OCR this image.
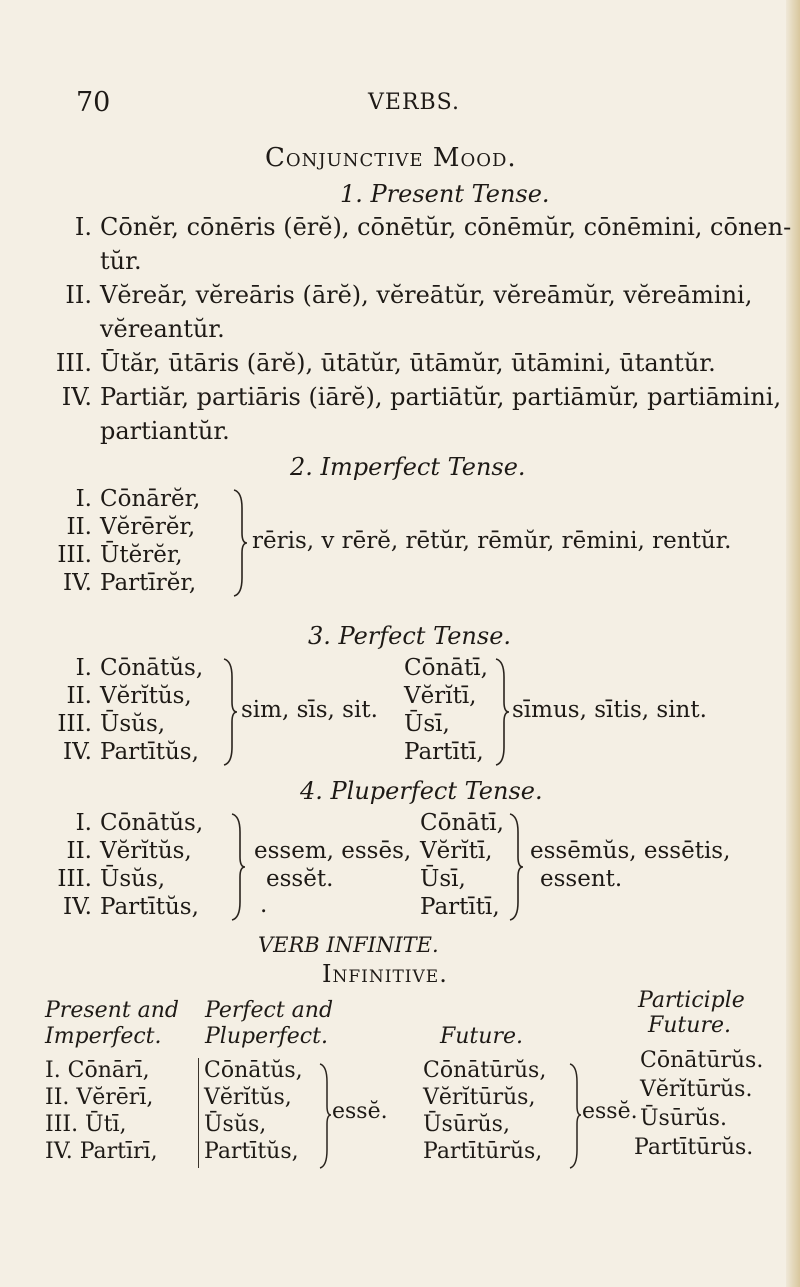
70	VERBS.
Conjunctive Mood.
1. Present Tense.
I. Cōnĕr, cōnēris (ērĕ), cōnētŭr, cōnēmŭr, cōnēmini, cōnen-
tŭr.
II. Vĕreăr, vĕreāris (ārĕ), vĕreātŭr, vĕreāmŭr, vĕreāmini,
vĕreantŭr.
III. Ūtăr, ūtāris (ārĕ), ūtātŭr, ūtāmŭr, ūtāmini, ūtantŭr.
IV. Partiăr, partiāris (iārĕ), partiātŭr, partiāmŭr, partiāmini,
partiantŭr.
2. Imperfect Tense.
I. Cōnārĕr,
II. Vĕrērĕr,
III. Ūtĕrĕr,
IV. Partīrĕr,
rēris, v rērĕ, rētŭr, rēmŭr, rēmini, rentŭr.
3. Perfect Tense.
I. Cōnātŭs,
II. Vĕrĭtŭs,
III. Ūsŭs,
IV. Partītŭs,
sim, sīs, sit.
Cōnātī,
Vĕrĭtī,
Ūsī,
Partītī,
sīmus, sītis, sint.
4. Pluperfect Tense.
I. Cōnātŭs,
II. Vĕrĭtŭs,
III. Ūsŭs,
IV. Partītŭs,
essem, essēs,
essĕt.
.
Cōnātī,
Vĕrĭtī,
Ūsī,
Partītī,
essēmŭs, essētis,
essent.
VERB INFINITE.
Infinitive.
Present and
Imperfect.
Perfect and
Pluperfect.	Future.
Participle
Future.
I. Cōnārī,
II. Vĕrērī,
III. Ūtī,
IV. Partīrī,
Cōnātŭs,
Vĕrĭtŭs,
Ūsŭs,
Partītŭs,
essĕ.
Cōnātūrŭs,
Vĕrĭtūrŭs,
Ūsūrŭs,
Partītūrŭs,
essĕ.
Cōnātūrŭs.
Vĕrĭtūrŭs.
Ūsūrŭs.
Partītūrŭs.
